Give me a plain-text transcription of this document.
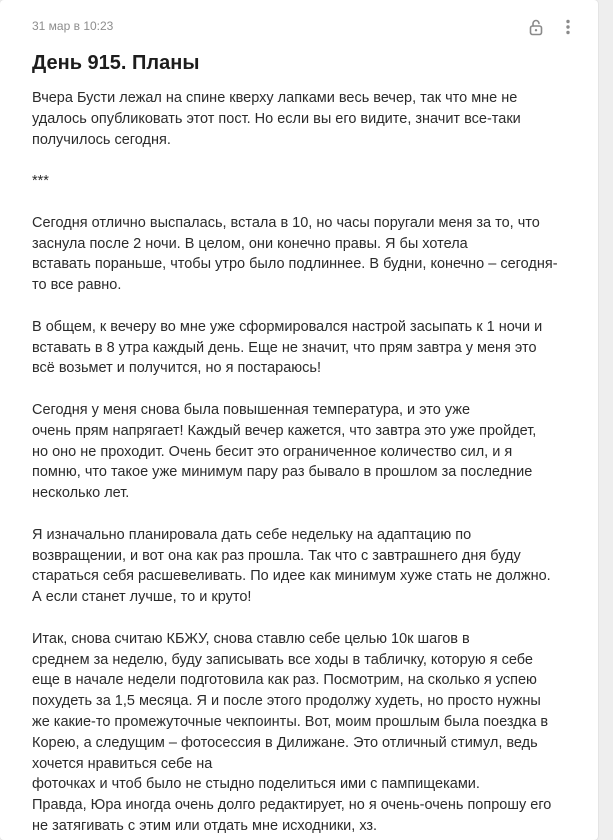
31 мар в 10:23
День 915. Планы
Вчера Бусти лежал на спине кверху лапками весь вечер, так что мне не
удалось опубликовать этот пост. Но если вы его видите, значит все-таки
получилось сегодня.
***
Сегодня отлично выспалась, встала в 10, но часы поругали меня за то, что
заснула после 2 ночи. В целом, они конечно правы. Я бы хотела
вставать пораньше, чтобы утро было подлиннее. В будни, конечно – сегодня-
то все равно.
В общем, к вечеру во мне уже сформировался настрой засыпать к 1 ночи и
вставать в 8 утра каждый день. Еще не значит, что прям завтра у меня это
всё возьмет и получится, но я постараюсь!
Сегодня у меня снова была повышенная температура, и это уже
очень прям напрягает! Каждый вечер кажется, что завтра это уже пройдет,
но оно не проходит. Очень бесит это ограниченное количество сил, и я
помню, что такое уже минимум пару раз бывало в прошлом за последние
несколько лет.
Я изначально планировала дать себе недельку на адаптацию по
возвращении, и вот она как раз прошла. Так что с завтрашнего дня буду
стараться себя расшевеливать. По идее как минимум хуже стать не должно.
А если станет лучше, то и круто!
Итак, снова считаю КБЖУ, снова ставлю себе целью 10к шагов в
среднем за неделю, буду записывать все ходы в табличку, которую я себе
еще в начале недели подготовила как раз. Посмотрим, на сколько я успею
похудеть за 1,5 месяца. Я и после этого продолжу худеть, но просто нужны
же какие-то промежуточные чекпоинты. Вот, моим прошлым была поездка в
Корею, а следущим – фотосессия в Дилижане. Это отличный стимул, ведь
хочется нравиться себе на
фоточках и чтоб было не стыдно поделиться ими с пампищеками.
Правда, Юра иногда очень долго редактирует, но я очень-очень попрошу его
не затягивать с этим или отдать мне исходники, хз.
